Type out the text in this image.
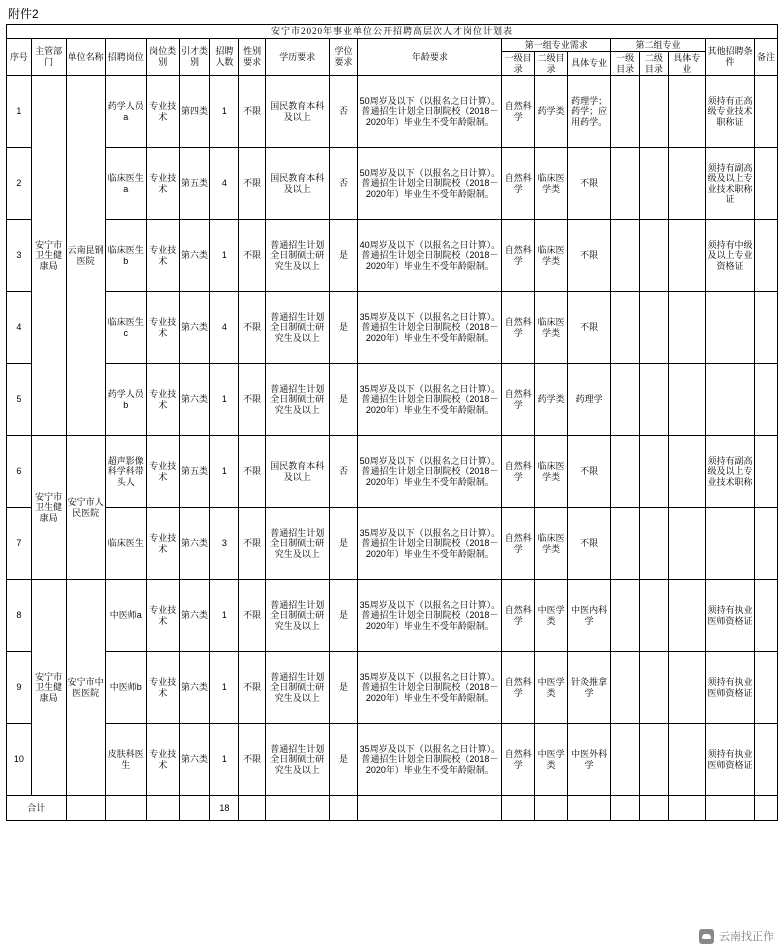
附件2
安宁市2020年事业单位公开招聘高层次人才岗位计划表																		
序号	主管部门	单位名称	招聘岗位	岗位类别	引才类别	招聘人数	性别要求	学历要求	学位要求	年龄要求	第一组专业需求			第二组专业			其他招聘条件	备注
											一级目录	二级目录	具体专业	一级目录	二级目录	具体专业		
1	安宁市卫生健康局	云南昆钢医院	药学人员a	专业技术	第四类	1	不限	国民教育本科及以上	否	50周岁及以下（以报名之日计算）。普通招生计划全日制院校（2018－2020年）毕业生不受年龄限制。	自然科学	药学类	药理学；药学；应用药学。				须持有正高级专业技术职称证	
2			临床医生a	专业技术	第五类	4	不限	国民教育本科及以上	否	50周岁及以下（以报名之日计算）。普通招生计划全日制院校（2018－2020年）毕业生不受年龄限制。	自然科学	临床医学类	不限				须持有副高级及以上专业技术职称证	
3			临床医生b	专业技术	第六类	1	不限	普通招生计划全日制硕士研究生及以上	是	40周岁及以下（以报名之日计算）。普通招生计划全日制院校（2018－2020年）毕业生不受年龄限制。	自然科学	临床医学类	不限				须持有中级及以上专业资格证	
4			临床医生c	专业技术	第六类	4	不限	普通招生计划全日制硕士研究生及以上	是	35周岁及以下（以报名之日计算）。普通招生计划全日制院校（2018－2020年）毕业生不受年龄限制。	自然科学	临床医学类	不限					
5			药学人员b	专业技术	第六类	1	不限	普通招生计划全日制硕士研究生及以上	是	35周岁及以下（以报名之日计算）。普通招生计划全日制院校（2018－2020年）毕业生不受年龄限制。	自然科学	药学类	药理学					
6	安宁市卫生健康局	安宁市人民医院	超声影像科学科带头人	专业技术	第五类	1	不限	国民教育本科及以上	否	50周岁及以下（以报名之日计算）。普通招生计划全日制院校（2018－2020年）毕业生不受年龄限制。	自然科学	临床医学类	不限				须持有副高级及以上专业技术职称	
7			临床医生	专业技术	第六类	3	不限	普通招生计划全日制硕士研究生及以上	是	35周岁及以下（以报名之日计算）。普通招生计划全日制院校（2018－2020年）毕业生不受年龄限制。	自然科学	临床医学类	不限					
8	安宁市卫生健康局	安宁市中医医院	中医师a	专业技术	第六类	1	不限	普通招生计划全日制硕士研究生及以上	是	35周岁及以下（以报名之日计算）。普通招生计划全日制院校（2018－2020年）毕业生不受年龄限制。	自然科学	中医学类	中医内科学				须持有执业医师资格证	
9			中医师b	专业技术	第六类	1	不限	普通招生计划全日制硕士研究生及以上	是	35周岁及以下（以报名之日计算）。普通招生计划全日制院校（2018－2020年）毕业生不受年龄限制。	自然科学	中医学类	针灸推拿学				须持有执业医师资格证	
10			皮肤科医生	专业技术	第六类	1	不限	普通招生计划全日制硕士研究生及以上	是	35周岁及以下（以报名之日计算）。普通招生计划全日制院校（2018－2020年）毕业生不受年龄限制。	自然科学	中医学类	中医外科学				须持有执业医师资格证	
合计						18												
云南找正作
